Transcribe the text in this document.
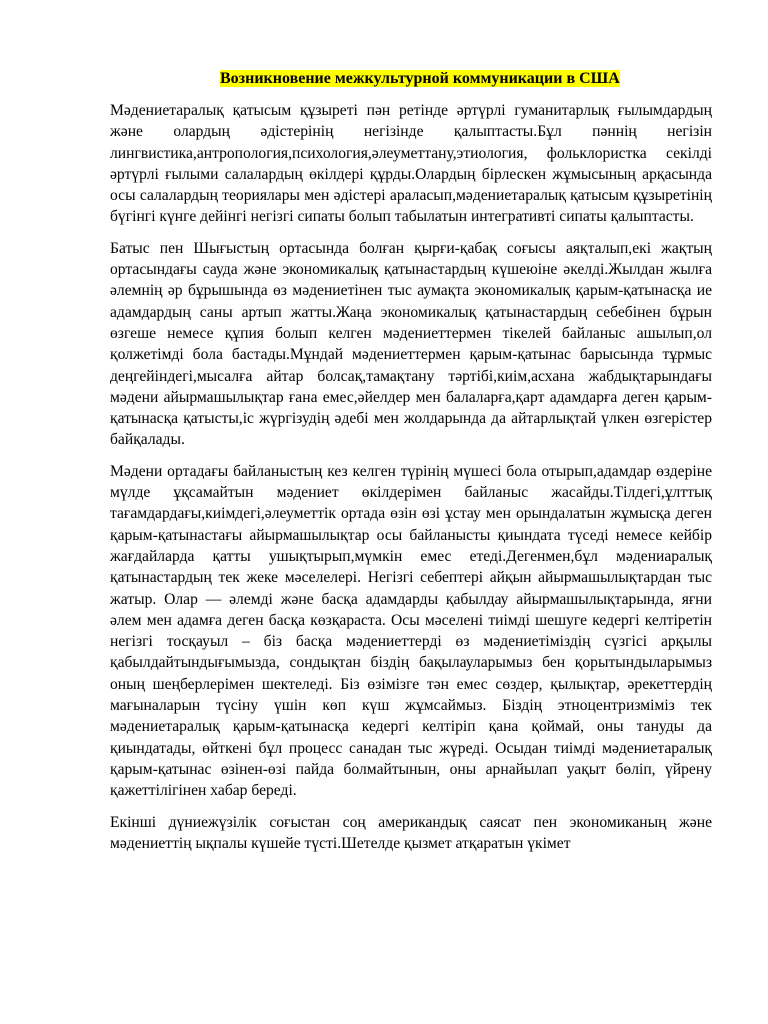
Возникновение межкультурной коммуникации в США

Мәдениетаралық қатысым құзыреті пән ретінде әртүрлі гуманитарлық ғылымдардың және олардың әдістерінің негізінде қалыптасты.Бұл пәннің негізін лингвистика,антропология,психология,әлеуметтану,этиология, фольклористка секілді әртүрлі ғылыми салалардың өкілдері құрды.Олардың бірлескен жұмысының арқасында осы салалардың теориялары мен әдістері араласып,мәдениетаралық қатысым құзыретінің бүгінгі күнге дейінгі негізгі сипаты болып табылатын интегративті сипаты қалыптасты.

Батыс пен Шығыстың ортасында болған қырғи-қабақ соғысы аяқталып,екі жақтың ортасындағы сауда және экономикалық қатынастардың күшеюіне әкелді.Жылдан жылға әлемнің әр бұрышында өз мәдениетінен тыс аумақта экономикалық қарым-қатынасқа ие адамдардың саны артып жатты.Жаңа экономикалық қатынастардың себебінен бұрын өзгеше немесе құпия болып келген мәдениеттермен тікелей байланыс ашылып,ол қолжетімді бола бастады.Мұндай мәдениеттермен қарым-қатынас барысында тұрмыс деңгейіндегі,мысалға айтар болсақ,тамақтану тәртібі,киім,асхана жабдықтарындағы мәдени айырмашылықтар ғана емес,әйелдер мен балаларға,қарт адамдарға деген қарым-қатынасқа қатысты,іс жүргізудің әдебі мен жолдарында да айтарлықтай үлкен өзгерістер байқалады.

Мәдени ортадағы байланыстың кез келген түрінің мүшесі бола отырып,адамдар өздеріне мүлде ұқсамайтын мәдениет өкілдерімен байланыс жасайды.Тілдегі,ұлттық тағамдардағы,киімдегі,әлеуметтік ортада өзін өзі ұстау мен орындалатын жұмысқа деген қарым-қатынастағы айырмашылықтар осы байланысты қиындата түседі немесе кейбір жағдайларда қатты ушықтырып,мүмкін емес етеді.Дегенмен,бұл мәдениаралық қатынастардың тек жеке мәселелері. Негізгі себептері айқын айырмашылықтардан тыс жатыр. Олар — әлемді және басқа адамдарды қабылдау айырмашылықтарында, яғни әлем мен адамға деген басқа көзқараста. Осы мәселені тиімді шешуге кедергі келтіретін негізгі тосқауыл – біз басқа мәдениеттерді өз мәдениетіміздің сүзгісі арқылы қабылдайтындығымызда, сондықтан біздің бақылауларымыз бен қорытындыларымыз оның шеңберлерімен шектеледі. Біз өзімізге тән емес сөздер, қылықтар, әрекеттердің мағыналарын түсіну үшін көп күш жұмсаймыз. Біздің этноцентризміміз тек мәдениетаралық қарым-қатынасқа кедергі келтіріп қана қоймай, оны тануды да қиындатады, өйткені бұл процесс санадан тыс жүреді. Осыдан тиімді мәдениетаралық қарым-қатынас өзінен-өзі пайда болмайтынын, оны арнайылап уақыт бөліп, үйрену қажеттілігінен хабар береді.

Екінші дүниежүзілік соғыстан соң американдық саясат пен экономиканың және мәдениеттің ықпалы күшейе түсті.Шетелде қызмет атқаратын үкімет
